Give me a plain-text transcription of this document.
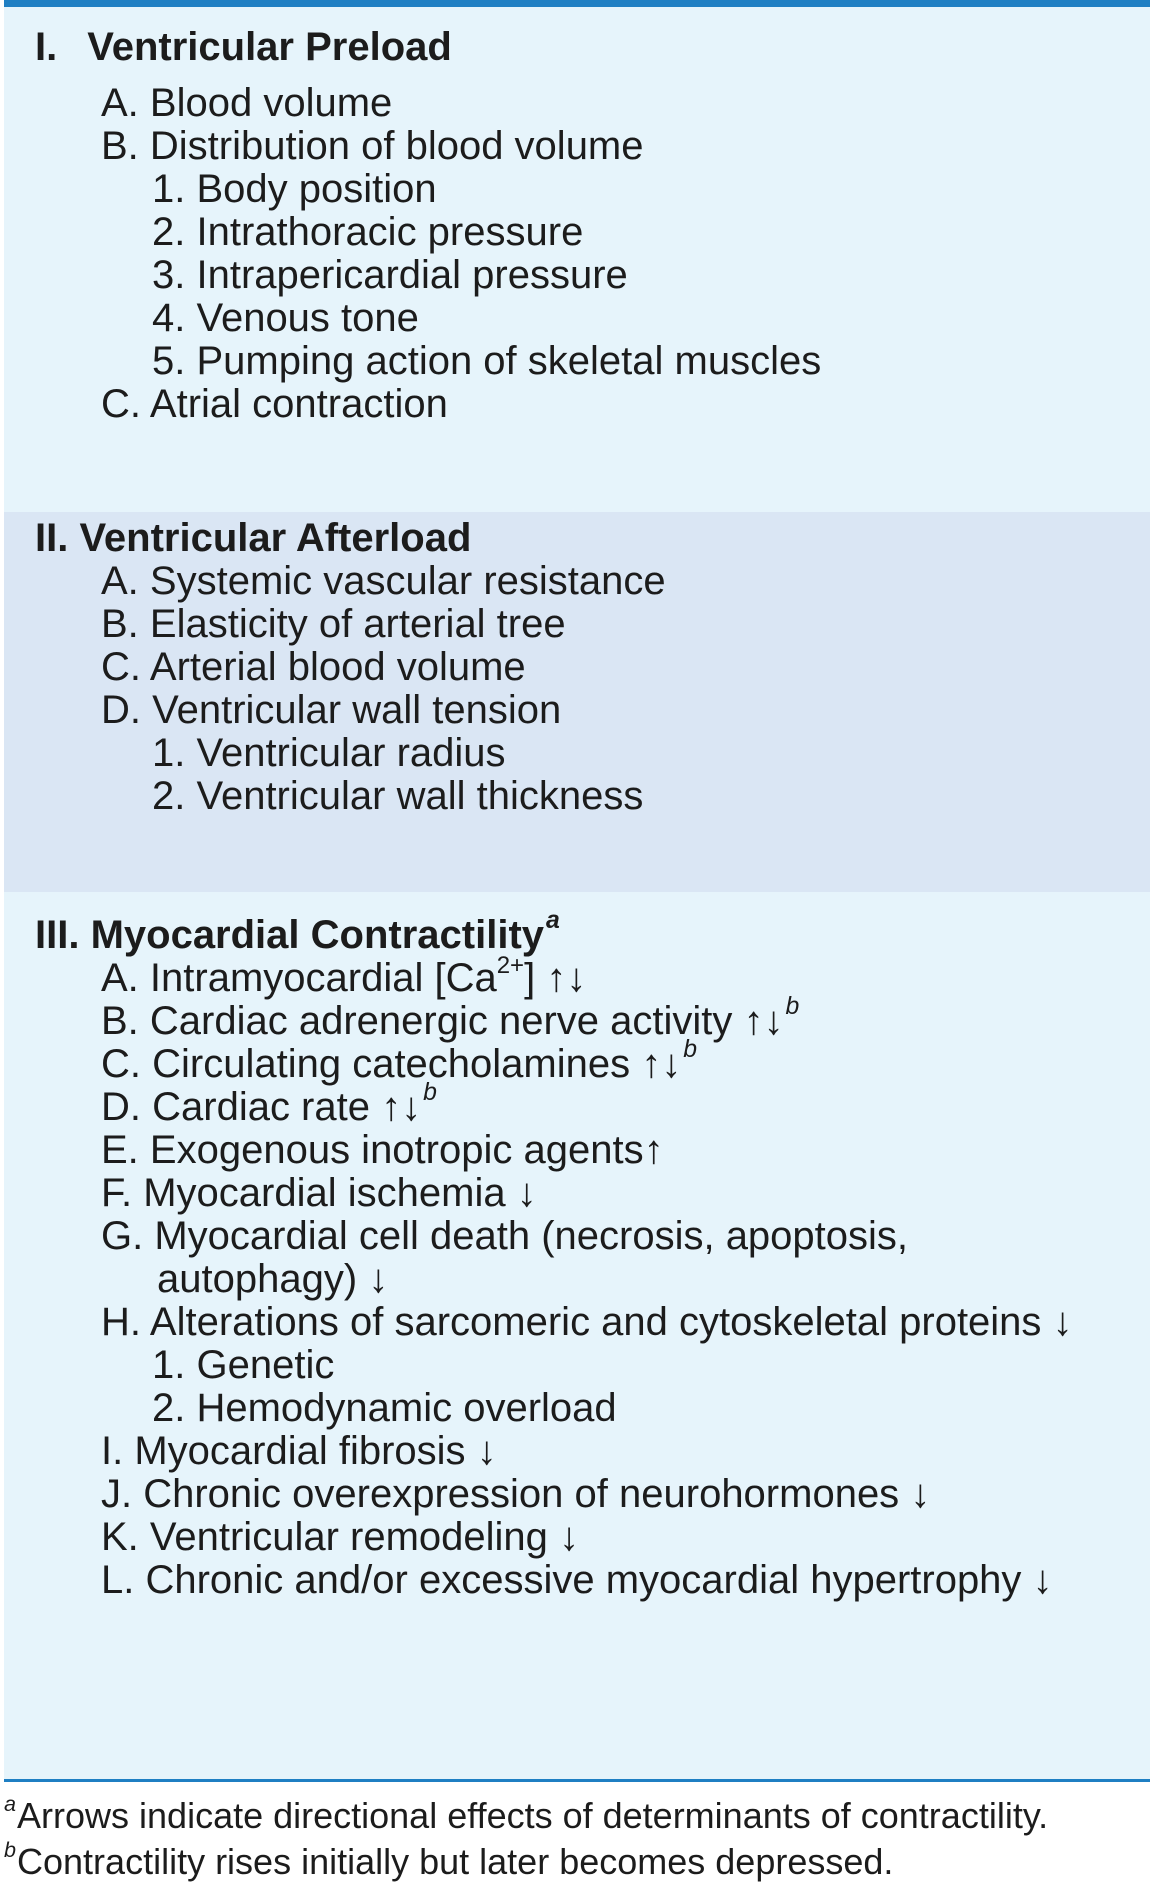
I. Ventricular Preload
A. Blood volume
B. Distribution of blood volume
1. Body position
2. Intrathoracic pressure
3. Intrapericardial pressure
4. Venous tone
5. Pumping action of skeletal muscles
C. Atrial contraction
II. Ventricular Afterload
A. Systemic vascular resistance
B. Elasticity of arterial tree
C. Arterial blood volume
D. Ventricular wall tension
1. Ventricular radius
2. Ventricular wall thickness
III. Myocardial Contractility$^a$
A. Intramyocardial $[Ca^{2+}]$ ↑↓
B. Cardiac adrenergic nerve activity ↑↓$^b$
C. Circulating catecholamines ↑↓$^b$
D. Cardiac rate ↑↓$^b$
E. Exogenous inotropic agents↑
F. Myocardial ischemia ↓
G. Myocardial cell death (necrosis, apoptosis,
autophagy) ↓
H. Alterations of sarcomeric and cytoskeletal proteins ↓
1. Genetic
2. Hemodynamic overload
I. Myocardial fibrosis ↓
J. Chronic overexpression of neurohormones ↓
K. Ventricular remodeling ↓
L. Chronic and/or excessive myocardial hypertrophy ↓
$^a$Arrows indicate directional effects of determinants of contractility.
$^b$Contractility rises initially but later becomes depressed.
